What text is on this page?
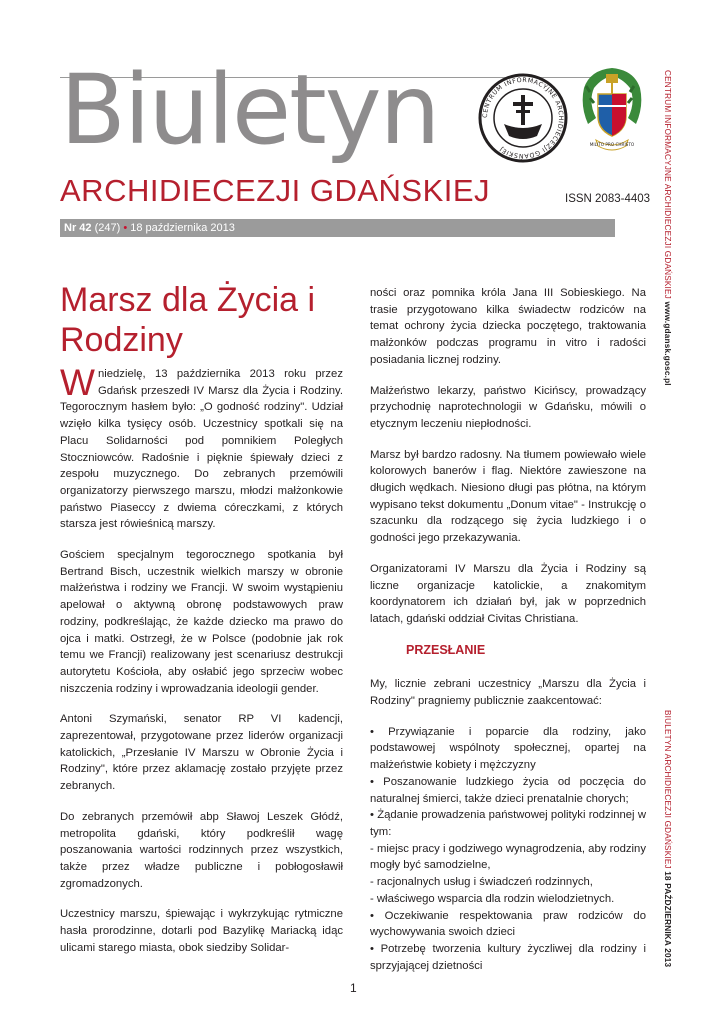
Biuletyn
ARCHIDIECEZJI GDAŃSKIEJ	ISSN 2083-4403
Nr 42 (247) • 18 października 2013
CENTRUM INFORMACYJNE ARCHIDIECEZJI GDAŃSKIEJ
MILITO PRO CHRISTO	CENTRUM INFORMACYJNE ARCHIDIECEZJI GDAŃSKIEJ www.gdansk.gosc.pl
BIULETYN ARCHIDIECEZJI GDAŃSKIEJ 18 PAŹDZIERNIKA 2013
Marsz dla Życia i Rodziny

Wniedzielę, 13 października 2013 roku przez Gdańsk przeszedł IV Marsz dla Życia i Rodziny. Tegorocznym hasłem było: „O godność rodziny". Udział wzięło kilka tysięcy osób. Uczestnicy spotkali się na Placu Solidarności pod pomnikiem Poległych Stoczniowców. Radośnie i pięknie śpiewały dzieci z zespołu muzycznego. Do zebranych przemówili organizatorzy pierwszego marszu, młodzi małżonkowie państwo Piaseccy z dwiema córeczkami, z których starsza jest rówieśnicą marszy.

Gościem specjalnym tegorocznego spotkania był Bertrand Bisch, uczestnik wielkich marszy w obronie małżeństwa i rodziny we Francji. W swoim wystąpieniu apelował o aktywną obronę podstawowych praw rodziny, podkreślając, że każde dziecko ma prawo do ojca i matki. Ostrzegł, że w Polsce (podobnie jak rok temu we Francji) realizowany jest scenariusz destrukcji autorytetu Kościoła, aby osłabić jego sprzeciw wobec niszczenia rodziny i wprowadzania ideologii gender.

Antoni Szymański, senator RP VI kadencji, zaprezentował, przygotowane przez liderów organizacji katolickich, „Przesłanie IV Marszu w Obronie Życia i Rodziny", które przez aklamację zostało przyjęte przez zebranych.

Do zebranych przemówił abp Sławoj Leszek Głódź, metropolita gdański, który podkreślił wagę poszanowania wartości rodzinnych przez wszystkich, także przez władze publiczne i pobłogosławił zgromadzonych.

Uczestnicy marszu, śpiewając i wykrzykując rytmiczne hasła prorodzinne, dotarli pod Bazylikę Mariacką idąc ulicami starego miasta, obok siedziby Solidar-

ności oraz pomnika króla Jana III Sobieskiego. Na trasie przygotowano kilka świadectw rodziców na temat ochrony życia dziecka poczętego, traktowania małżonków podczas programu in vitro i radości posiadania licznej rodziny.

Małżeństwo lekarzy, państwo Kicińscy, prowadzący przychodnię naprotechnologii w Gdańsku, mówili o etycznym leczeniu niepłodności.

Marsz był bardzo radosny. Na tłumem powiewało wiele kolorowych banerów i flag. Niektóre zawieszone na długich wędkach. Niesiono długi pas płótna, na którym wypisano tekst dokumentu „Donum vitae" - Instrukcję o szacunku dla rodzącego się życia ludzkiego i o godności jego przekazywania.

Organizatorami IV Marszu dla Życia i Rodziny są liczne organizacje katolickie, a znakomitym koordynatorem ich działań był, jak w poprzednich latach, gdański oddział Civitas Christiana.

PRZESŁANIE

My, licznie zebrani uczestnicy „Marszu dla Życia i Rodziny" pragniemy publicznie zaakcentować:

• Przywiązanie i poparcie dla rodziny, jako podstawowej wspólnoty społecznej, opartej na małżeństwie kobiety i mężczyzny
• Poszanowanie ludzkiego życia od poczęcia do naturalnej śmierci, także dzieci prenatalnie chorych;
• Żądanie prowadzenia państwowej polityki rodzinnej w tym:
- miejsc pracy i godziwego wynagrodzenia, aby rodziny mogły być samodzielne,
- racjonalnych usług i świadczeń rodzinnych,
- właściwego wsparcia dla rodzin wielodzietnych.
• Oczekiwanie respektowania praw rodziców do wychowywania swoich dzieci
• Potrzebę tworzenia kultury życzliwej dla rodziny i sprzyjającej dzietności
1
